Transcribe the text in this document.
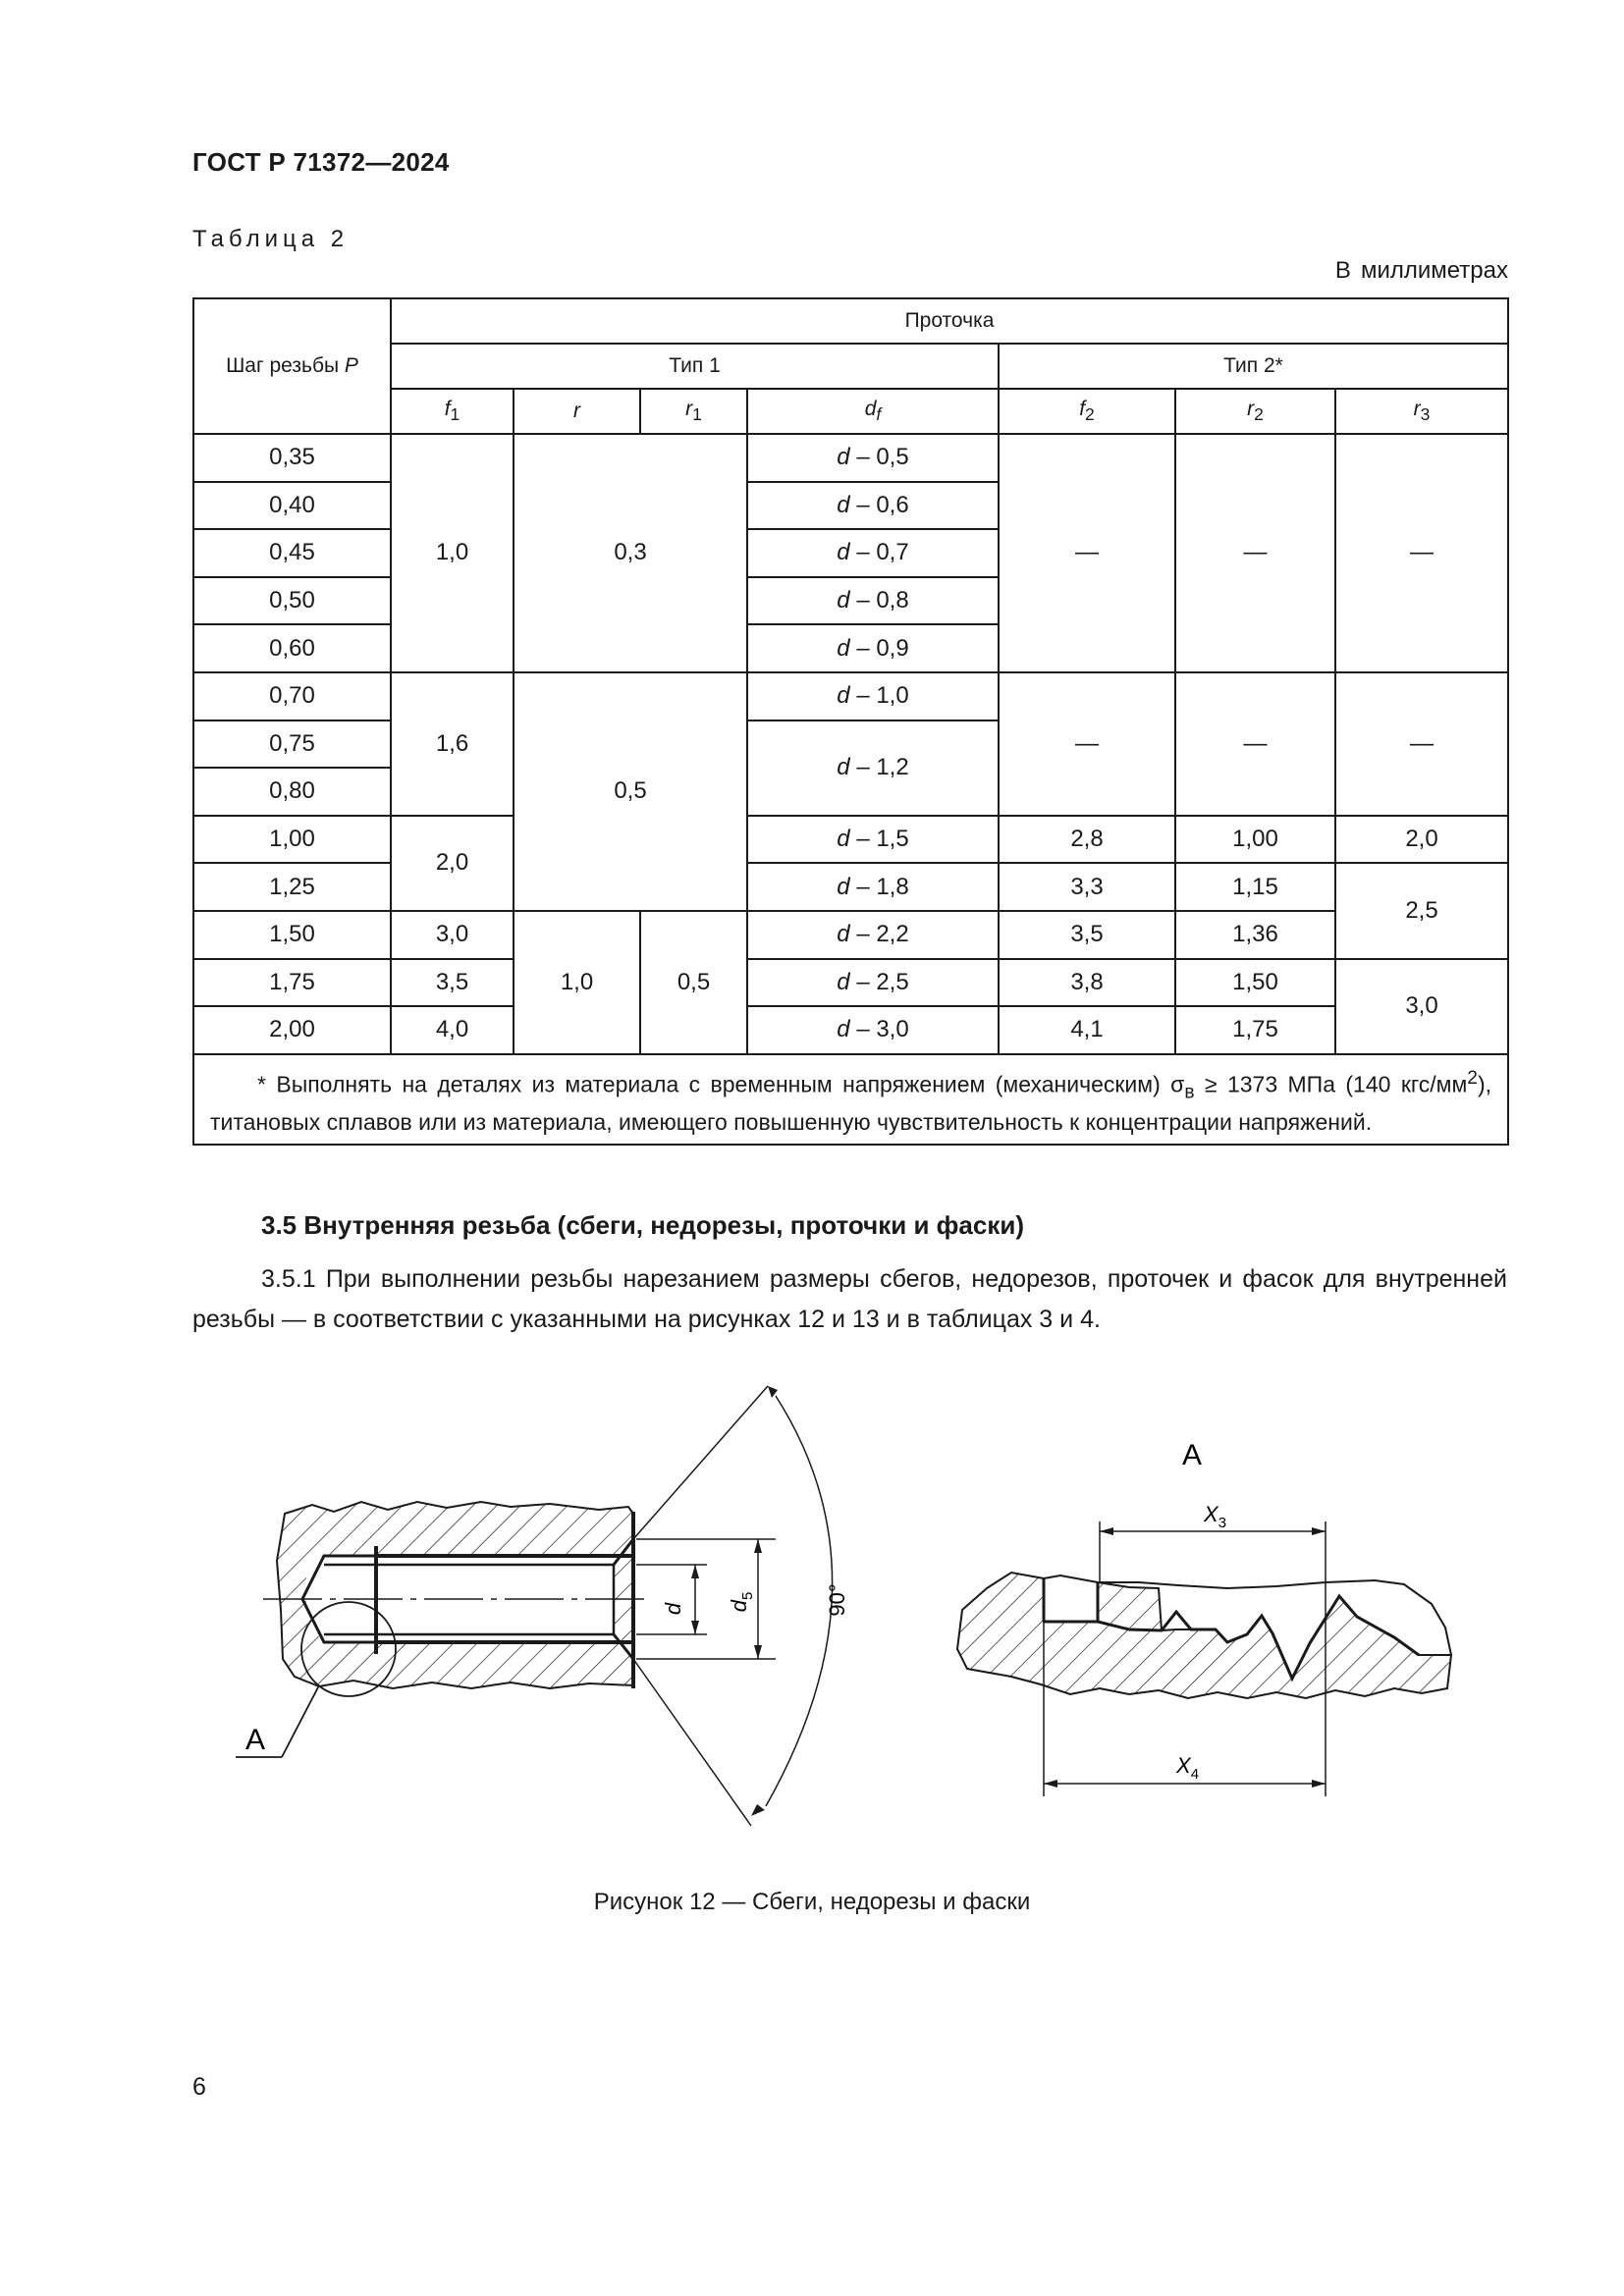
ГОСТ Р 71372—2024
Таблица 2
В миллиметрах
Шаг резьбы P	Проточка						
	Тип 1				Тип 2*		
	$f_1$	r	$r_1$	$d_f$	$f_2$	$r_2$	$r_3$
0,35	1,0	0,3		d – 0,5	—	—	—
0,40				d – 0,6			
0,45				d – 0,7			
0,50				d – 0,8			
0,60				d – 0,9			
0,70	1,6	0,5		d – 1,0	—	—	—
0,75				d – 1,2			
0,80							
1,00	2,0			d – 1,5	2,8	1,00	2,0
1,25				d – 1,8	3,3	1,15	2,5
1,50	3,0	1,0	0,5	d – 2,2	3,5	1,36	
1,75	3,5			d – 2,5	3,8	1,50	3,0
2,00	4,0			d – 3,0	4,1	1,75	
* Выполнять на деталях из материала с временным напряжением (механическим) $\sigma_в \ge 1373$ МПа (140 кгс/$мм^2$), титановых сплавов или из материала, имеющего повышенную чувствительность к концентрации напряжений.							
3.5 Внутренняя резьба (сбеги, недорезы, проточки и фаски)
3.5.1 При выполнении резьбы нарезанием размеры сбегов, недорезов, проточек и фасок для внутренней резьбы — в соответствии с указанными на рисунках 12 и 13 и в таблицах 3 и 4.
A
d $d_5$	90°
A
$X_3$
$X_4$
Рисунок 12 — Сбеги, недорезы и фаски
6
